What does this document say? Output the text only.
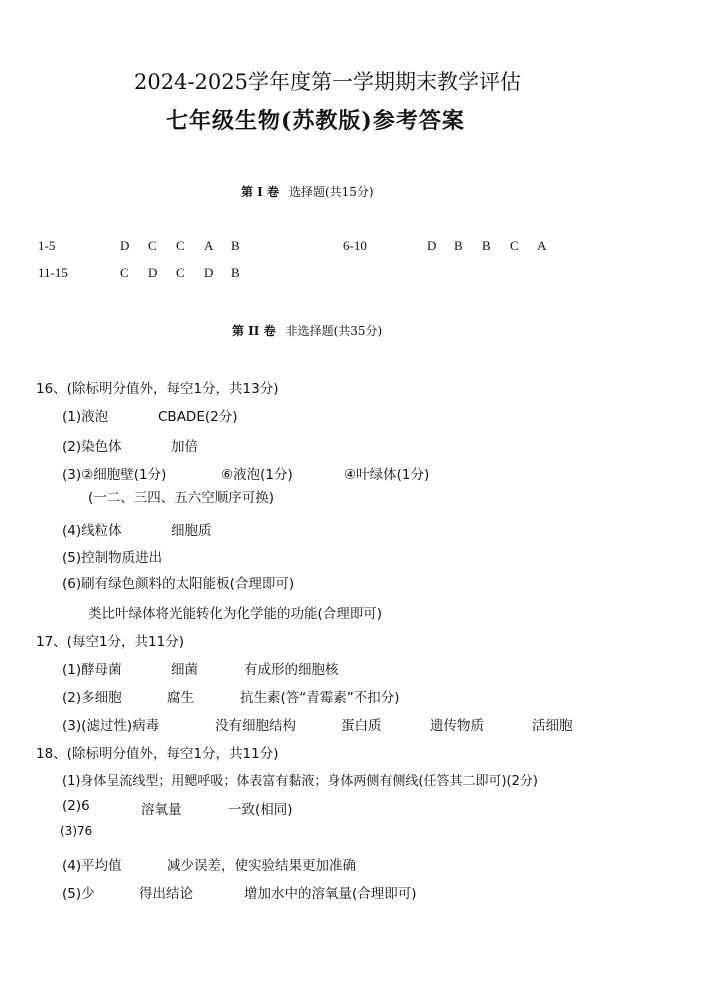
2024-2025学年度第一学期期末教学评估
七年级生物(苏教版)参考答案
第 I 卷 选择题(共15分)
1-5	D C C A B	6-10	D B B C A
11-15	C D C D B
第 II 卷 非选择题(共35分)
16、(除标明分值外，每空1分，共13分)
(1)液泡	CBADE(2分)
(2)染色体	加倍
(3)②细胞壁(1分)	⑥液泡(1分)	④叶绿体(1分)
(一二、三四、五六空顺序可换)
(4)线粒体	细胞质
(5)控制物质进出
(6)刷有绿色颜料的太阳能板(合理即可)
类比叶绿体将光能转化为化学能的功能(合理即可)
17、(每空1分，共11分)
(1)酵母菌	细菌	有成形的细胞核
(2)多细胞	腐生	抗生素(答“青霉素”不扣分)
(3)(滤过性)病毒	没有细胞结构	蛋白质	遗传物质	活细胞
18、(除标明分值外，每空1分，共11分)
(1)身体呈流线型；用鳃呼吸；体表富有黏液；身体两侧有侧线(任答其二即可)(2分)
(2)6	溶氧量	一致(相同)
(3)76
(4)平均值	减少误差，使实验结果更加准确
(5)少	得出结论	增加水中的溶氧量(合理即可)
